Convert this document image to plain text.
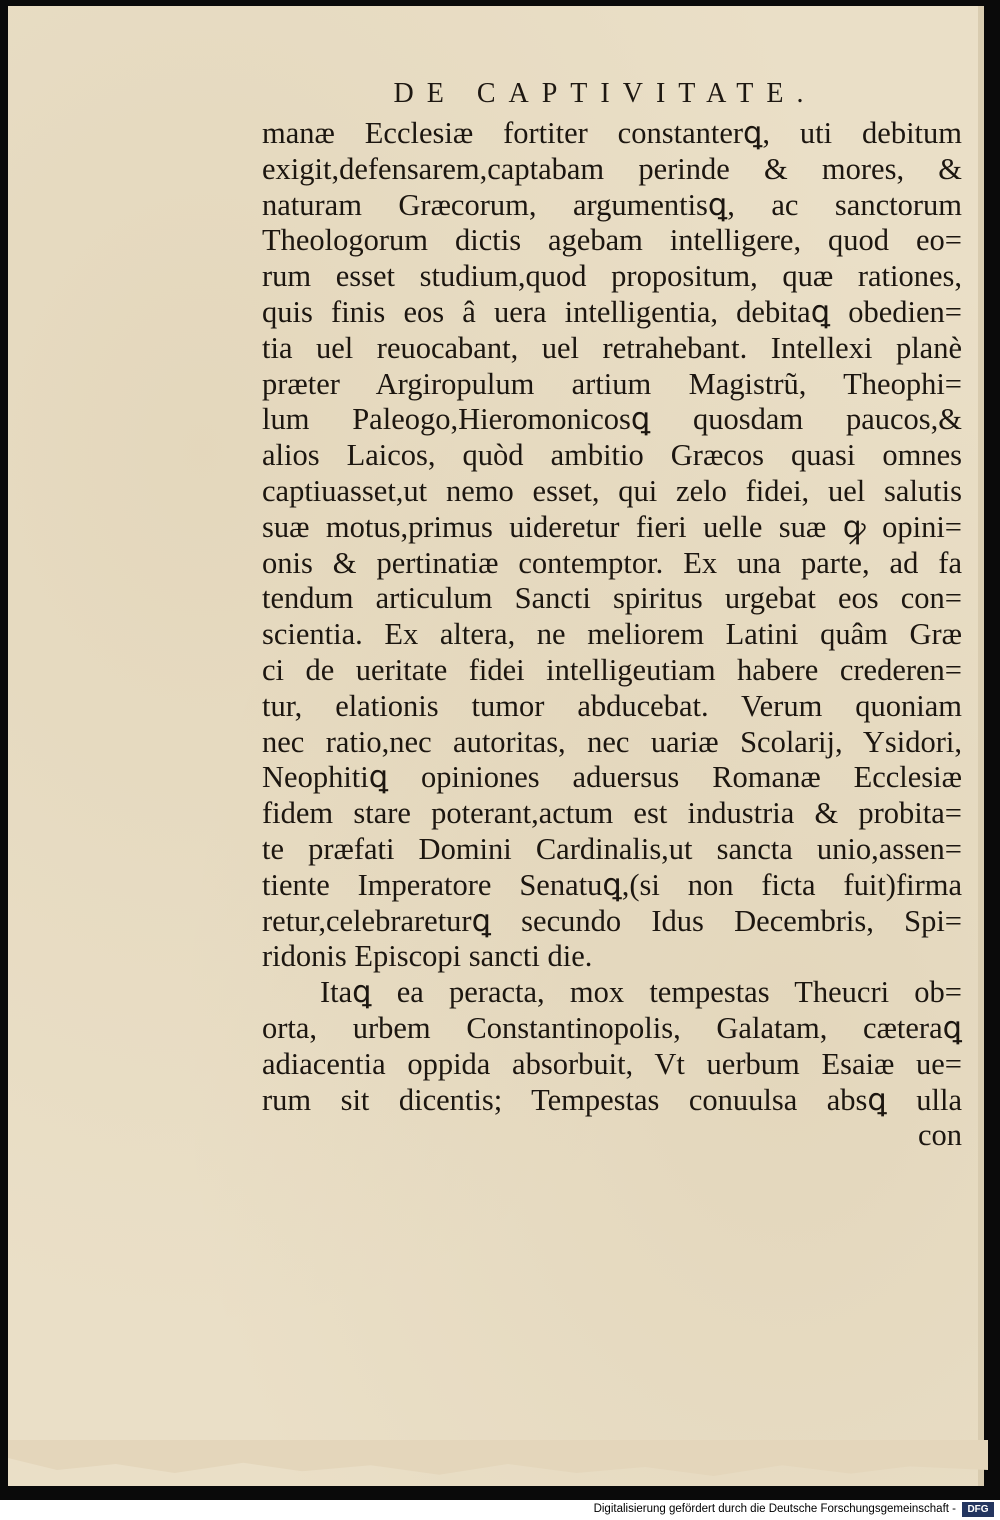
DE CAPTIVITATE.
manæ Ecclesiæ fortiter constanterꝗ, uti debitum
exigit,defensarem,captabam perinde & mores, &
naturam Græcorum, argumentisꝗ, ac sanctorum
Theologorum dictis agebam intelligere, quod eo=
rum esset studium,quod propositum, quæ rationes,
quis finis eos â uera intelligentia, debitaꝗ obedien=
tia uel reuocabant, uel retrahebant. Intellexi planè
præter Argiropulum artium Magistrũ, Theophi=
lum Paleogo,Hieromonicosꝗ quosdam paucos,&
alios Laicos, quòd ambitio Græcos quasi omnes
captiuasset,ut nemo esset, qui zelo fidei, uel salutis
suæ motus,primus uideretur fieri uelle suæ ꝙ opini=
onis & pertinatiæ contemptor. Ex una parte, ad fa
tendum articulum Sancti spiritus urgebat eos con=
scientia. Ex altera, ne meliorem Latini quâm Græ
ci de ueritate fidei intelligeutiam habere crederen=
tur, elationis tumor abducebat. Verum quoniam
nec ratio,nec autoritas, nec uariæ Scolarij, Ysidori,
Neophitiꝗ opiniones aduersus Romanæ Ecclesiæ
fidem stare poterant,actum est industria & probita=
te præfati Domini Cardinalis,ut sancta unio,assen=
tiente Imperatore Senatuꝗ,(si non ficta fuit)firma
retur,celebrareturꝗ secundo Idus Decembris, Spi=
ridonis Episcopi sancti die.
Itaꝗ ea peracta, mox tempestas Theucri ob=
orta, urbem Constantinopolis, Galatam, cæteraꝗ
adiacentia oppida absorbuit, Vt uerbum Esaiæ ue=
rum sit dicentis; Tempestas conuulsa absꝗ ulla
con
Digitalisierung gefördert durch die Deutsche Forschungsgemeinschaft -	DFG
